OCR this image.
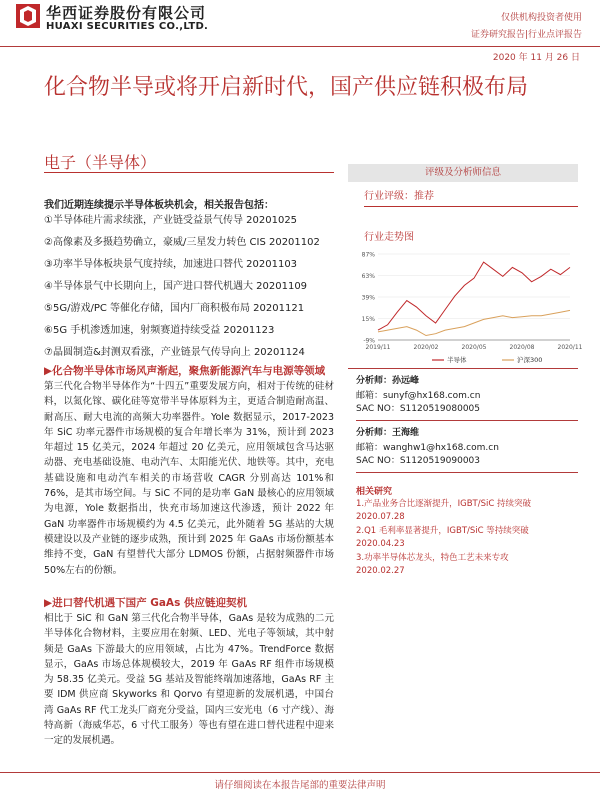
华西证券股份有限公司
HUAXI SECURITIES CO.,LTD.
仅供机构投资者使用
证券研究报告|行业点评报告
2020 年 11 月 26 日
化合物半导或将开启新时代，国产供应链积极布局
电子（半导体）
我们近期连续提示半导体板块机会，相关报告包括：
①半导体硅片需求续涨，产业链受益景气传导 20201025
②高像素及多摄趋势确立，豪威/三星发力转色 CIS 20201102
③功率半导体板块景气度持续，加速进口替代 20201103
④半导体景气中长期向上，国产进口替代机遇大 20201109
⑤5G/游戏/PC 等催化存储，国内厂商积极布局 20201121
⑥5G 手机渗透加速，射频赛道持续受益 20201123
⑦晶圆制造&封测双看涨，产业链景气传导向上 20201124
▶化合物半导体市场风声渐起，聚焦新能源汽车与电源等领域
第三代化合物半导体作为“十四五”重要发展方向，相对于传统的硅材料，以氮化镓、碳化硅等宽带半导体原料为主，更适合制造耐高温、耐高压、耐大电流的高频大功率器件。Yole 数据显示，2017-2023 年 SiC 功率元器件市场规模的复合年增长率为 31%，预计到 2023 年超过 15 亿美元，2024 年超过 20 亿美元，应用领域包含马达驱动器、充电基础设施、电动汽车、太阳能光伏、地铁等。其中，充电基础设施和电动汽车相关的市场营收 CAGR 分别高达 101%和 76%，是其市场空间。与 SiC 不同的是功率 GaN 最核心的应用领域为电源，Yole 数据指出，快充市场加速这代渗透，预计 2022 年 GaN 功率器件市场规模约为 4.5 亿美元，此外随着 5G 基站的大规模建设以及产业链的逐步成熟，预计到 2025 年 GaAs 市场份额基本维持不变，GaN 有望替代大部分 LDMOS 份额，占据射频器件市场 50%左右的份额。
▶进口替代机遇下国产 GaAs 供应链迎契机
相比于 SiC 和 GaN 第三代化合物半导体，GaAs 是较为成熟的二元半导体化合物材料，主要应用在射频、LED、光电子等领域，其中射频是 GaAs 下游最大的应用领域，占比为 47%。TrendForce 数据显示，GaAs 市场总体规模较大，2019 年 GaAs RF 组件市场规模为 58.35 亿美元。受益 5G 基站及智能终端加速落地，GaAs RF 主要 IDM 供应商 Skyworks 和 Qorvo 有望迎新的发展机遇，中国台湾 GaAs RF 代工龙头厂商充分受益，国内三安光电（6 寸产线）、海特高新（海威华芯，6 寸代工服务）等也有望在进口替代进程中迎来一定的发展机遇。
评级及分析师信息
行业评级：推荐
行业走势图
-9%
15%
39%
63%
87%
2019/11	2020/02	2020/05	2020/08	2020/11
半导体	沪深300
分析师：孙远峰
邮箱：sunyf@hx168.com.cn
SAC NO：S1120519080005
分析师：王海维
邮箱：wanghw1@hx168.com.cn
SAC NO：S1120519090003
相关研究
1.产品业务合比逐渐提升，IGBT/SiC 持续突破
2020.07.28
2.Q1 毛利率显著提升，IGBT/SiC 等持续突破
2020.04.23
3.功率半导体芯龙头，特色工艺未来专攻
2020.02.27
请仔细阅读在本报告尾部的重要法律声明
